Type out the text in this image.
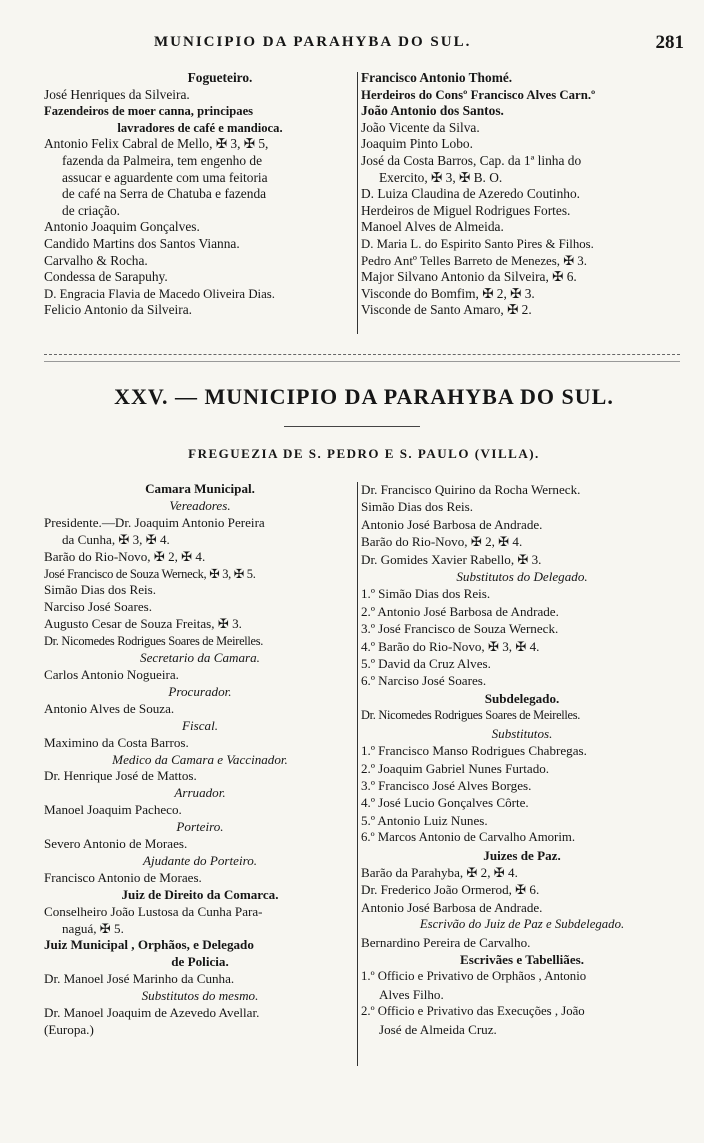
MUNICIPIO DA PARAHYBA DO SUL.	281
Fogueteiro.
José Henriques da Silveira.
Fazendeiros de moer canna, principaes
lavradores de café e mandioca.
Antonio Felix Cabral de Mello, ✠ 3, ✠ 5,
fazenda da Palmeira, tem engenho de
assucar e aguardente com uma feitoria
de café na Serra de Chatuba e fazenda
de criação.
Antonio Joaquim Gonçalves.
Candido Martins dos Santos Vianna.
Carvalho & Rocha.
Condessa de Sarapuhy.
D. Engracia Flavia de Macedo Oliveira Dias.
Felicio Antonio da Silveira.
Francisco Antonio Thomé.
Herdeiros do Consº Francisco Alves Carn.º
João Antonio dos Santos.
João Vicente da Silva.
Joaquim Pinto Lobo.
José da Costa Barros, Cap. da 1ª linha do
Exercito, ✠ 3, ✠ B. O.
D. Luiza Claudina de Azeredo Coutinho.
Herdeiros de Miguel Rodrigues Fortes.
Manoel Alves de Almeida.
D. Maria L. do Espirito Santo Pires & Filhos.
Pedro Antº Telles Barreto de Menezes, ✠ 3.
Major Silvano Antonio da Silveira, ✠ 6.
Visconde do Bomfim, ✠ 2, ✠ 3.
Visconde de Santo Amaro, ✠ 2.
XXV. — MUNICIPIO DA PARAHYBA DO SUL.
FREGUEZIA DE S. PEDRO E S. PAULO (VILLA).
Camara Municipal.
Vereadores.
Presidente.—Dr. Joaquim Antonio Pereira
da Cunha, ✠ 3, ✠ 4.
Barão do Rio-Novo, ✠ 2, ✠ 4.
José Francisco de Souza Werneck, ✠ 3, ✠ 5.
Simão Dias dos Reis.
Narciso José Soares.
Augusto Cesar de Souza Freitas, ✠ 3.
Dr. Nicomedes Rodrigues Soares de Meirelles.
Secretario da Camara.
Carlos Antonio Nogueira.
Procurador.
Antonio Alves de Souza.
Fiscal.
Maximino da Costa Barros.
Medico da Camara e Vaccinador.
Dr. Henrique José de Mattos.
Arruador.
Manoel Joaquim Pacheco.
Porteiro.
Severo Antonio de Moraes.
Ajudante do Porteiro.
Francisco Antonio de Moraes.
Juiz de Direito da Comarca.
Conselheiro João Lustosa da Cunha Para-
naguá, ✠ 5.
Juiz Municipal , Orphãos, e Delegado
de Policia.
Dr. Manoel José Marinho da Cunha.
Substitutos do mesmo.
Dr. Manoel Joaquim de Azevedo Avellar.
(Europa.)
Dr. Francisco Quirino da Rocha Werneck.
Simão Dias dos Reis.
Antonio José Barbosa de Andrade.
Barão do Rio-Novo, ✠ 2, ✠ 4.
Dr. Gomides Xavier Rabello, ✠ 3.
Substitutos do Delegado.
1.º Simão Dias dos Reis.
2.º Antonio José Barbosa de Andrade.
3.º José Francisco de Souza Werneck.
4.º Barão do Rio-Novo, ✠ 3, ✠ 4.
5.º David da Cruz Alves.
6.º Narciso José Soares.
Subdelegado.
Dr. Nicomedes Rodrigues Soares de Meirelles.
Substitutos.
1.º Francisco Manso Rodrigues Chabregas.
2.º Joaquim Gabriel Nunes Furtado.
3.º Francisco José Alves Borges.
4.º José Lucio Gonçalves Côrte.
5.º Antonio Luiz Nunes.
6.º Marcos Antonio de Carvalho Amorim.
Juizes de Paz.
Barão da Parahyba, ✠ 2, ✠ 4.
Dr. Frederico João Ormerod, ✠ 6.
Antonio José Barbosa de Andrade.
Escrivão do Juiz de Paz e Subdelegado.
Bernardino Pereira de Carvalho.
Escrivães e Tabelliães.
1.º Officio e Privativo de Orphãos , Antonio
Alves Filho.
2.º Officio e Privativo das Execuções , João
José de Almeida Cruz.
